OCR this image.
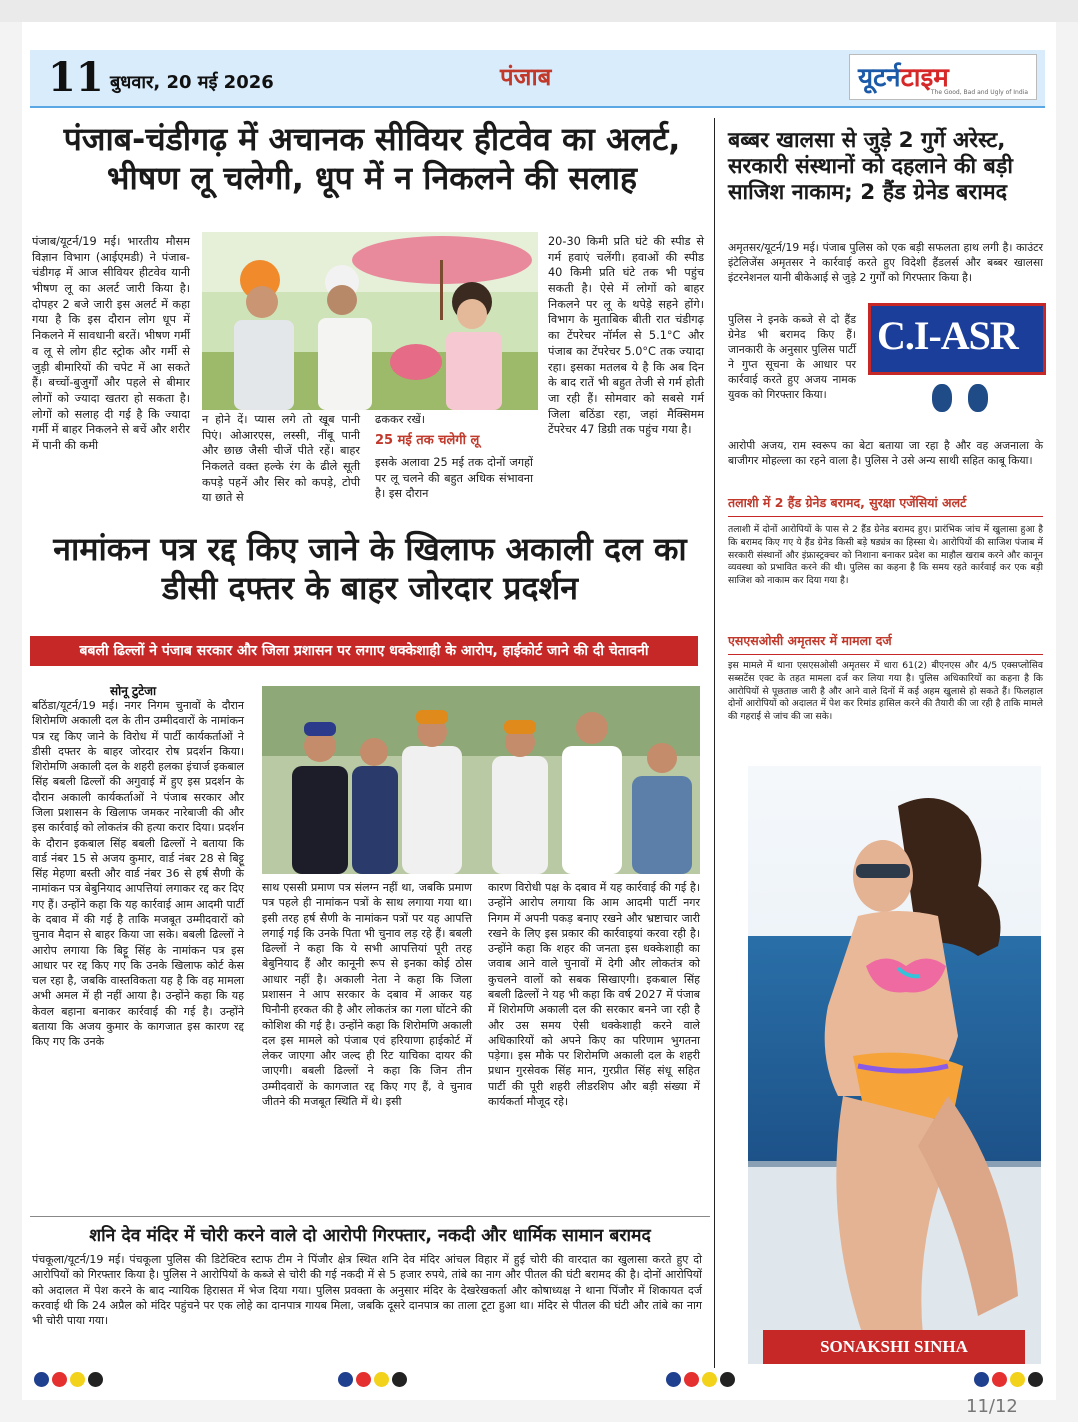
11 बुधवार, 20 मई 2026	पंजाब	यूटर्नटाइम
The Good, Bad and Ugly of India
पंजाब-चंडीगढ़ में अचानक सीवियर हीटवेव का अलर्ट, भीषण लू चलेगी, धूप में न निकलने की सलाह

पंजाब/यूटर्न/19 मई। भारतीय मौसम विज्ञान विभाग (आईएमडी) ने पंजाब-चंडीगढ़ में आज सीवियर हीटवेव यानी भीषण लू का अलर्ट जारी किया है। दोपहर 2 बजे जारी इस अलर्ट में कहा गया है कि इस दौरान लोग धूप में निकलने में सावधानी बरतें। भीषण गर्मी व लू से लोग हीट स्ट्रोक और गर्मी से जुड़ी बीमारियों की चपेट में आ सकते हैं। बच्चों-बुजुर्गों और पहले से बीमार लोगों को ज्यादा खतरा हो सकता है। लोगों को सलाह दी गई है कि ज्यादा गर्मी में बाहर निकलने से बचें और शरीर में पानी की कमी

न होने दें। प्यास लगे तो खूब पानी पिएं। ओआरएस, लस्सी, नींबू पानी और छाछ जैसी चीजें पीते रहें। बाहर निकलते वक्त हल्के रंग के ढीले सूती कपड़े पहनें और सिर को कपड़े, टोपी या छाते से

ढककर रखें।

25 मई तक चलेगी लू

इसके अलावा 25 मई तक दोनों जगहों पर लू चलने की बहुत अधिक संभावना है। इस दौरान

20-30 किमी प्रति घंटे की स्पीड से गर्म हवाएं चलेंगी। हवाओं की स्पीड 40 किमी प्रति घंटे तक भी पहुंच सकती है। ऐसे में लोगों को बाहर निकलने पर लू के थपेड़े सहने होंगे। विभाग के मुताबिक बीती रात चंडीगढ़ का टेंपरेचर नॉर्मल से 5.1°C और पंजाब का टेंपरेचर 5.0°C तक ज्यादा रहा। इसका मतलब ये है कि अब दिन के बाद रातें भी बहुत तेजी से गर्म होती जा रही हैं। सोमवार को सबसे गर्म जिला बठिंडा रहा, जहां मैक्सिमम टेंपरेचर 47 डिग्री तक पहुंच गया है।

बब्बर खालसा से जुड़े 2 गुर्गे अरेस्ट, सरकारी संस्थानों को दहलाने की बड़ी साजिश नाकाम; 2 हैंड ग्रेनेड बरामद

अमृतसर/यूटर्न/19 मई। पंजाब पुलिस को एक बड़ी सफलता हाथ लगी है। काउंटर इंटेलिजेंस अमृतसर ने कार्रवाई करते हुए विदेशी हैंडलर्स और बब्बर खालसा इंटरनेशनल यानी बीकेआई से जुड़े 2 गुर्गों को गिरफ्तार किया है।

पुलिस ने इनके कब्जे से दो हैंड ग्रेनेड भी बरामद किए हैं। जानकारी के अनुसार पुलिस पार्टी ने गुप्त सूचना के आधार पर कार्रवाई करते हुए अजय नामक युवक को गिरफ्तार किया।

C.I-ASR

आरोपी अजय, राम स्वरूप का बेटा बताया जा रहा है और वह अजनाला के बाजीगर मोहल्ला का रहने वाला है। पुलिस ने उसे अन्य साथी सहित काबू किया।

तलाशी में 2 हैंड ग्रेनेड बरामद, सुरक्षा एजेंसियां अलर्ट

तलाशी में दोनों आरोपियों के पास से 2 हैंड ग्रेनेड बरामद हुए। प्रारंभिक जांच में खुलासा हुआ है कि बरामद किए गए ये हैंड ग्रेनेड किसी बड़े षड्यंत्र का हिस्सा थे। आरोपियों की साजिश पंजाब में सरकारी संस्थानों और इंफ्रास्ट्रक्चर को निशाना बनाकर प्रदेश का माहौल खराब करने और कानून व्यवस्था को प्रभावित करने की थी। पुलिस का कहना है कि समय रहते कार्रवाई कर एक बड़ी साजिश को नाकाम कर दिया गया है।

एसएसओसी अमृतसर में मामला दर्ज

इस मामले में थाना एसएसओसी अमृतसर में धारा 61(2) बीएनएस और 4/5 एक्सप्लोसिव सब्सटेंस एक्ट के तहत मामला दर्ज कर लिया गया है। पुलिस अधिकारियों का कहना है कि आरोपियों से पूछताछ जारी है और आने वाले दिनों में कई अहम खुलासे हो सकते हैं। फिलहाल दोनों आरोपियों को अदालत में पेश कर रिमांड हासिल करने की तैयारी की जा रही है ताकि मामले की गहराई से जांच की जा सके।

SONAKSHI SINHA
नामांकन पत्र रद्द किए जाने के खिलाफ अकाली दल का डीसी दफ्तर के बाहर जोरदार प्रदर्शन
बबली ढिल्लों ने पंजाब सरकार और जिला प्रशासन पर लगाए धक्केशाही के आरोप, हाईकोर्ट जाने की दी चेतावनी
सोनू टुटेजा

बठिंडा/यूटर्न/19 मई। नगर निगम चुनावों के दौरान शिरोमणि अकाली दल के तीन उम्मीदवारों के नामांकन पत्र रद्द किए जाने के विरोध में पार्टी कार्यकर्ताओं ने डीसी दफ्तर के बाहर जोरदार रोष प्रदर्शन किया। शिरोमणि अकाली दल के शहरी हलका इंचार्ज इकबाल सिंह बबली ढिल्लों की अगुवाई में हुए इस प्रदर्शन के दौरान अकाली कार्यकर्ताओं ने पंजाब सरकार और जिला प्रशासन के खिलाफ जमकर नारेबाजी की और इस कार्रवाई को लोकतंत्र की हत्या करार दिया। प्रदर्शन के दौरान इकबाल सिंह बबली ढिल्लों ने बताया कि वार्ड नंबर 15 से अजय कुमार, वार्ड नंबर 28 से बिट्टू सिंह मेहणा बस्ती और वार्ड नंबर 36 से हर्ष सैणी के नामांकन पत्र बेबुनियाद आपत्तियां लगाकर रद्द कर दिए गए हैं। उन्होंने कहा कि यह कार्रवाई आम आदमी पार्टी के दबाव में की गई है ताकि मजबूत उम्मीदवारों को चुनाव मैदान से बाहर किया जा सके। बबली ढिल्लों ने आरोप लगाया कि बिट्टू सिंह के नामांकन पत्र इस आधार पर रद्द किए गए कि उनके खिलाफ कोर्ट केस चल रहा है, जबकि वास्तविकता यह है कि वह मामला अभी अमल में ही नहीं आया है। उन्होंने कहा कि यह केवल बहाना बनाकर कार्रवाई की गई है। उन्होंने बताया कि अजय कुमार के कागजात इस कारण रद्द किए गए कि उनके

साथ एससी प्रमाण पत्र संलग्न नहीं था, जबकि प्रमाण पत्र पहले ही नामांकन पत्रों के साथ लगाया गया था। इसी तरह हर्ष सैणी के नामांकन पत्रों पर यह आपत्ति लगाई गई कि उनके पिता भी चुनाव लड़ रहे हैं। बबली ढिल्लों ने कहा कि ये सभी आपत्तियां पूरी तरह बेबुनियाद हैं और कानूनी रूप से इनका कोई ठोस आधार नहीं है। अकाली नेता ने कहा कि जिला प्रशासन ने आप सरकार के दबाव में आकर यह घिनौनी हरकत की है और लोकतंत्र का गला घोंटने की कोशिश की गई है। उन्होंने कहा कि शिरोमणि अकाली दल इस मामले को पंजाब एवं हरियाणा हाईकोर्ट में लेकर जाएगा और जल्द ही रिट याचिका दायर की जाएगी। बबली ढिल्लों ने कहा कि जिन तीन उम्मीदवारों के कागजात रद्द किए गए हैं, वे चुनाव जीतने की मजबूत स्थिति में थे। इसी

कारण विरोधी पक्ष के दबाव में यह कार्रवाई की गई है। उन्होंने आरोप लगाया कि आम आदमी पार्टी नगर निगम में अपनी पकड़ बनाए रखने और भ्रष्टाचार जारी रखने के लिए इस प्रकार की कार्रवाइयां करवा रही है। उन्होंने कहा कि शहर की जनता इस धक्केशाही का जवाब आने वाले चुनावों में देगी और लोकतंत्र को कुचलने वालों को सबक सिखाएगी। इकबाल सिंह बबली ढिल्लों ने यह भी कहा कि वर्ष 2027 में पंजाब में शिरोमणि अकाली दल की सरकार बनने जा रही है और उस समय ऐसी धक्केशाही करने वाले अधिकारियों को अपने किए का परिणाम भुगतना पड़ेगा। इस मौके पर शिरोमणि अकाली दल के शहरी प्रधान गुरसेवक सिंह मान, गुरप्रीत सिंह संधू सहित पार्टी की पूरी शहरी लीडरशिप और बड़ी संख्या में कार्यकर्ता मौजूद रहे।

शनि देव मंदिर में चोरी करने वाले दो आरोपी गिरफ्तार, नकदी और धार्मिक सामान बरामद

पंचकूला/यूटर्न/19 मई। पंचकूला पुलिस की डिटेक्टिव स्टाफ टीम ने पिंजौर क्षेत्र स्थित शनि देव मंदिर आंचल विहार में हुई चोरी की वारदात का खुलासा करते हुए दो आरोपियों को गिरफ्तार किया है। पुलिस ने आरोपियों के कब्जे से चोरी की गई नकदी में से 5 हजार रुपये, तांबे का नाग और पीतल की घंटी बरामद की है। दोनों आरोपियों को अदालत में पेश करने के बाद न्यायिक हिरासत में भेज दिया गया। पुलिस प्रवक्ता के अनुसार मंदिर के देखरेखकर्ता और कोषाध्यक्ष ने थाना पिंजौर में शिकायत दर्ज करवाई थी कि 24 अप्रैल को मंदिर पहुंचने पर एक लोहे का दानपात्र गायब मिला, जबकि दूसरे दानपात्र का ताला टूटा हुआ था। मंदिर से पीतल की घंटी और तांबे का नाग भी चोरी पाया गया।

11/12
